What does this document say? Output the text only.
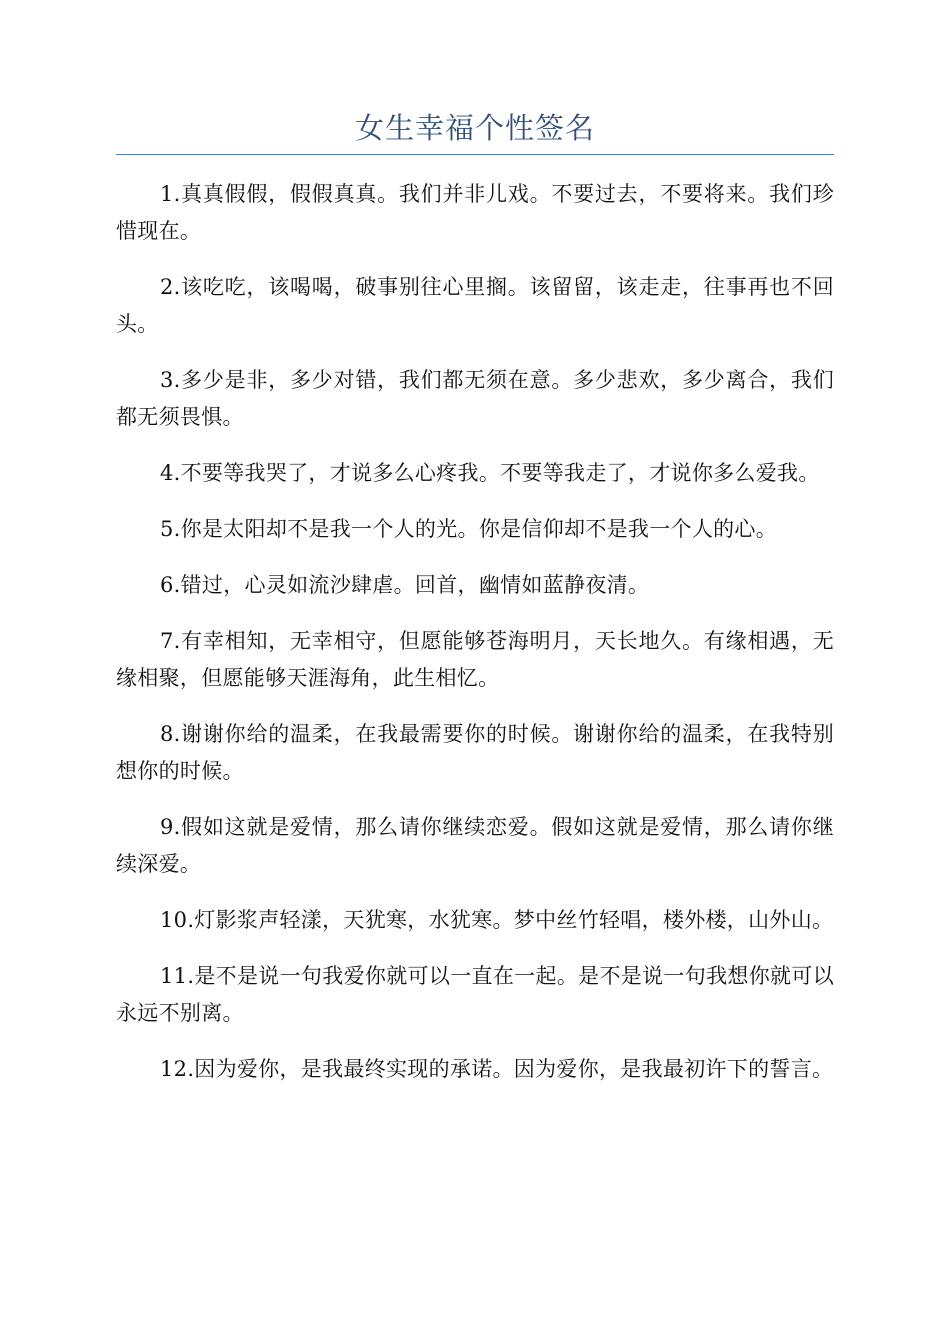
女生幸福个性签名

1.真真假假，假假真真。我们并非儿戏。不要过去，不要将来。我们珍惜现在。

2.该吃吃，该喝喝，破事别往心里搁。该留留，该走走，往事再也不回头。

3.多少是非，多少对错，我们都无须在意。多少悲欢，多少离合，我们都无须畏惧。

4.不要等我哭了，才说多么心疼我。不要等我走了，才说你多么爱我。

5.你是太阳却不是我一个人的光。你是信仰却不是我一个人的心。

6.错过，心灵如流沙肆虐。回首，幽情如蓝静夜清。

7.有幸相知，无幸相守，但愿能够苍海明月，天长地久。有缘相遇，无缘相聚，但愿能够天涯海角，此生相忆。

8.谢谢你给的温柔，在我最需要你的时候。谢谢你给的温柔，在我特别想你的时候。

9.假如这就是爱情，那么请你继续恋爱。假如这就是爱情，那么请你继续深爱。

10.灯影浆声轻漾，天犹寒，水犹寒。梦中丝竹轻唱，楼外楼，山外山。

11.是不是说一句我爱你就可以一直在一起。是不是说一句我想你就可以永远不别离。

12.因为爱你，是我最终实现的承诺。因为爱你，是我最初许下的誓言。
